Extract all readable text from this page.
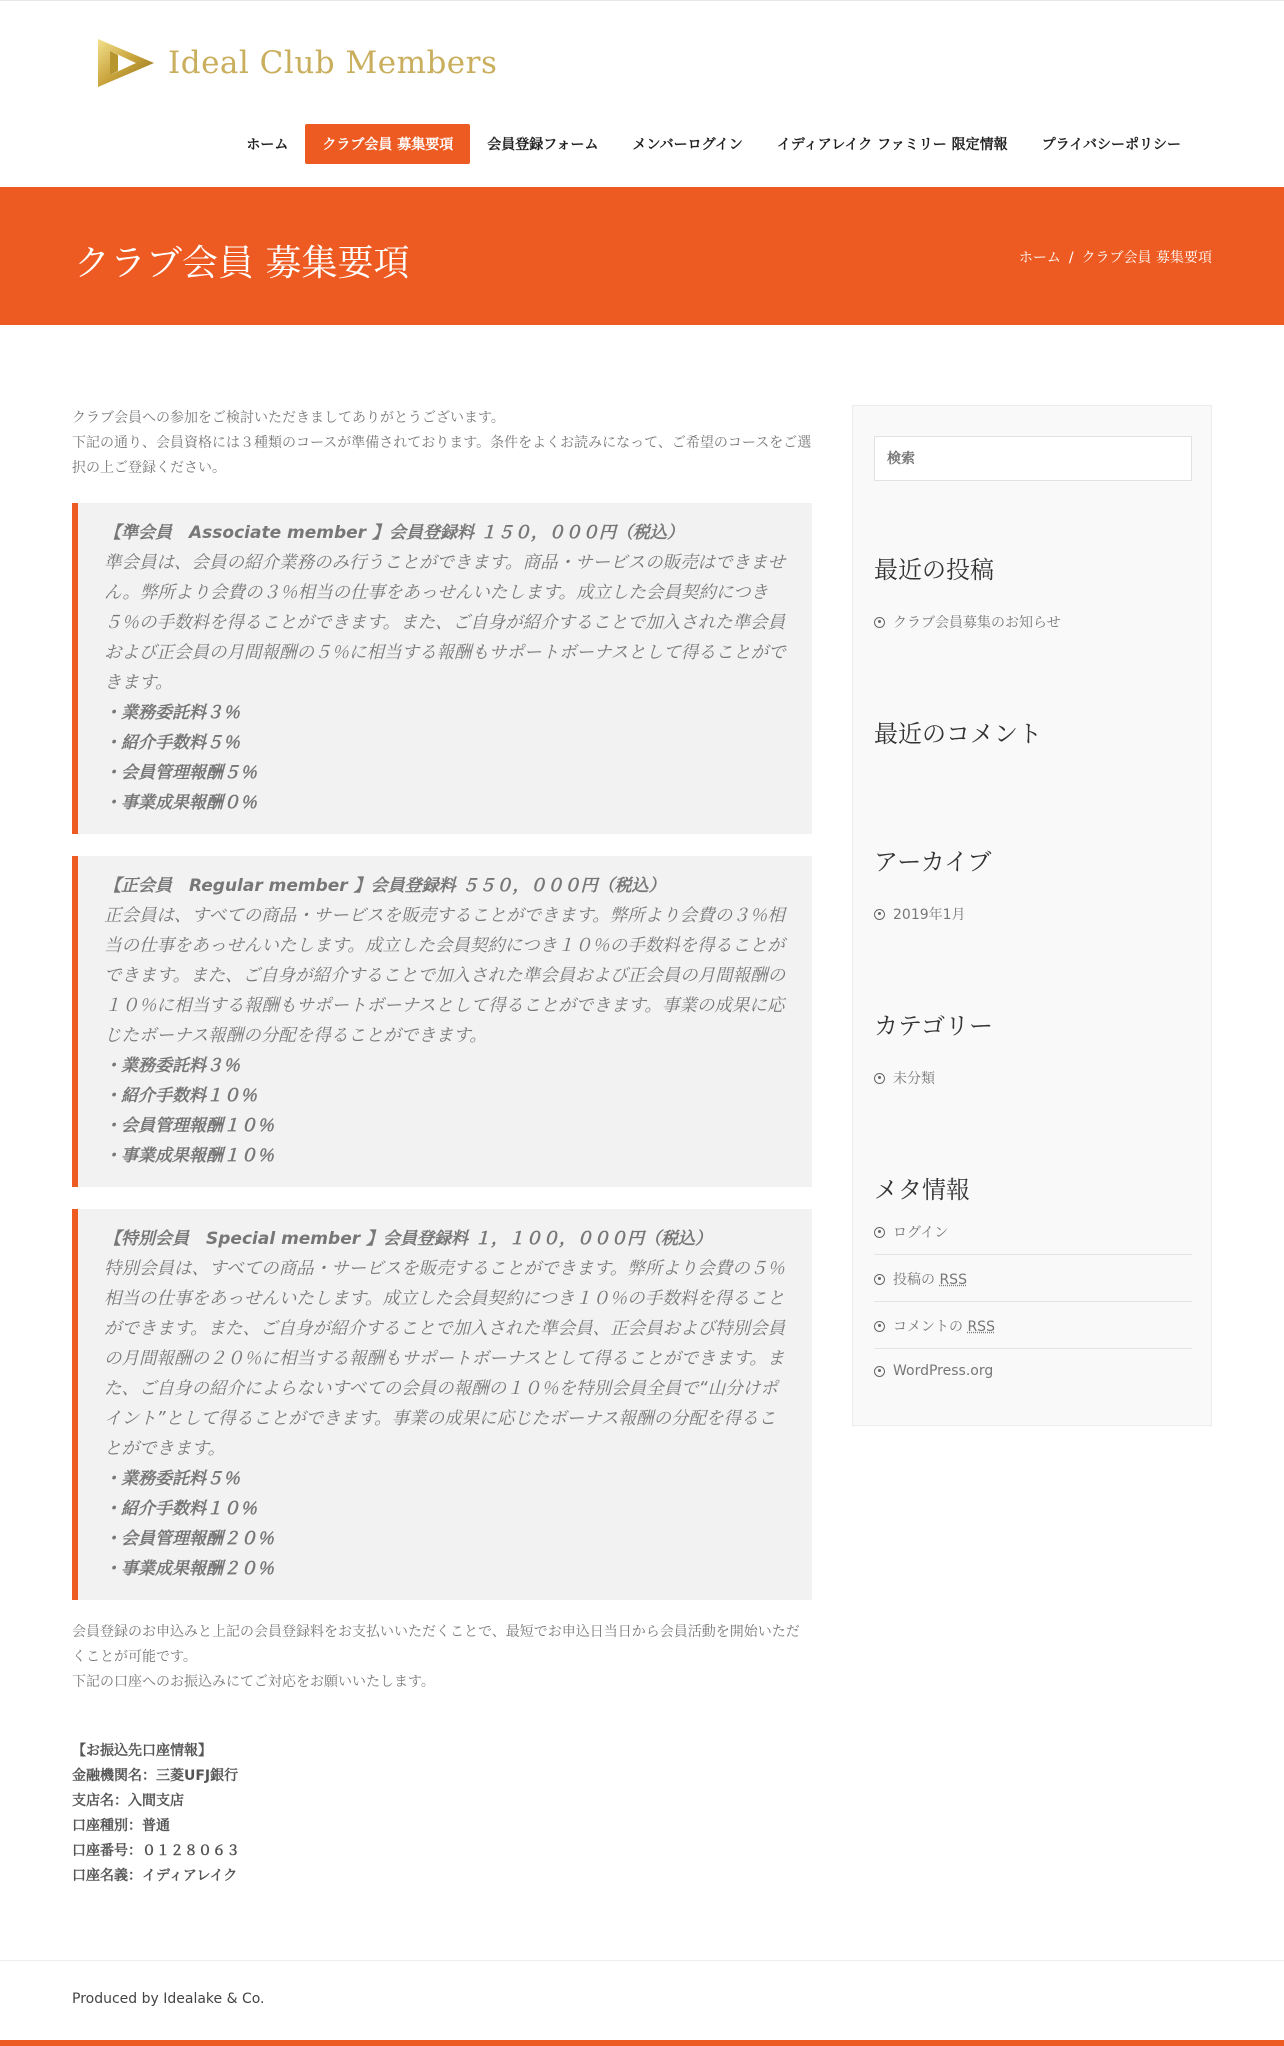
Ideal Club Members
ホーム	クラブ会員 募集要項	会員登録フォーム	メンバーログイン	イディアレイク ファミリー 限定情報	プライバシーポリシー
クラブ会員 募集要項	ホーム / クラブ会員 募集要項

クラブ会員への参加をご検討いただきましてありがとうございます。

下記の通り、会員資格には３種類のコースが準備されております。条件をよくお読みになって、ご希望のコースをご選択の上ご登録ください。

【準会員　Associate member 】会員登録料 １５０，０００円（税込）
準会員は、会員の紹介業務のみ行うことができます。商品・サービスの販売はできません。弊所より会費の３％相当の仕事をあっせんいたします。成立した会員契約につき５％の手数料を得ることができます。また、ご自身が紹介することで加入された準会員および正会員の月間報酬の５％に相当する報酬もサポートボーナスとして得ることができます。
・業務委託料３％
・紹介手数料５％
・会員管理報酬５％
・事業成果報酬０％
【正会員　Regular member 】会員登録料 ５５０，０００円（税込）
正会員は、すべての商品・サービスを販売することができます。弊所より会費の３％相当の仕事をあっせんいたします。成立した会員契約につき１０％の手数料を得ることができます。また、ご自身が紹介することで加入された準会員および正会員の月間報酬の１０％に相当する報酬もサポートボーナスとして得ることができます。事業の成果に応じたボーナス報酬の分配を得ることができます。
・業務委託料３％
・紹介手数料１０％
・会員管理報酬１０％
・事業成果報酬１０％
【特別会員　Special member 】会員登録料 １，１００，０００円（税込）
特別会員は、すべての商品・サービスを販売することができます。弊所より会費の５％相当の仕事をあっせんいたします。成立した会員契約につき１０％の手数料を得ることができます。また、ご自身が紹介することで加入された準会員、正会員および特別会員の月間報酬の２０％に相当する報酬もサポートボーナスとして得ることができます。また、ご自身の紹介によらないすべての会員の報酬の１０％を特別会員全員で“山分けポイント”として得ることができます。事業の成果に応じたボーナス報酬の分配を得ることができます。
・業務委託料５％
・紹介手数料１０％
・会員管理報酬２０％
・事業成果報酬２０％

会員登録のお申込みと上記の会員登録料をお支払いいただくことで、最短でお申込日当日から会員活動を開始いただくことが可能です。

下記の口座へのお振込みにてご対応をお願いいたします。

【お振込先口座情報】
金融機関名：三菱UFJ銀行
支店名：入間支店
口座種別：普通
口座番号：０１２８０６３
口座名義：イディアレイク
検索
最近の投稿
クラブ会員募集のお知らせ
最近のコメント
アーカイブ
2019年1月
カテゴリー
未分類
メタ情報
ログイン
投稿の RSS
コメントの RSS
WordPress.org
Produced by Idealake & Co.
